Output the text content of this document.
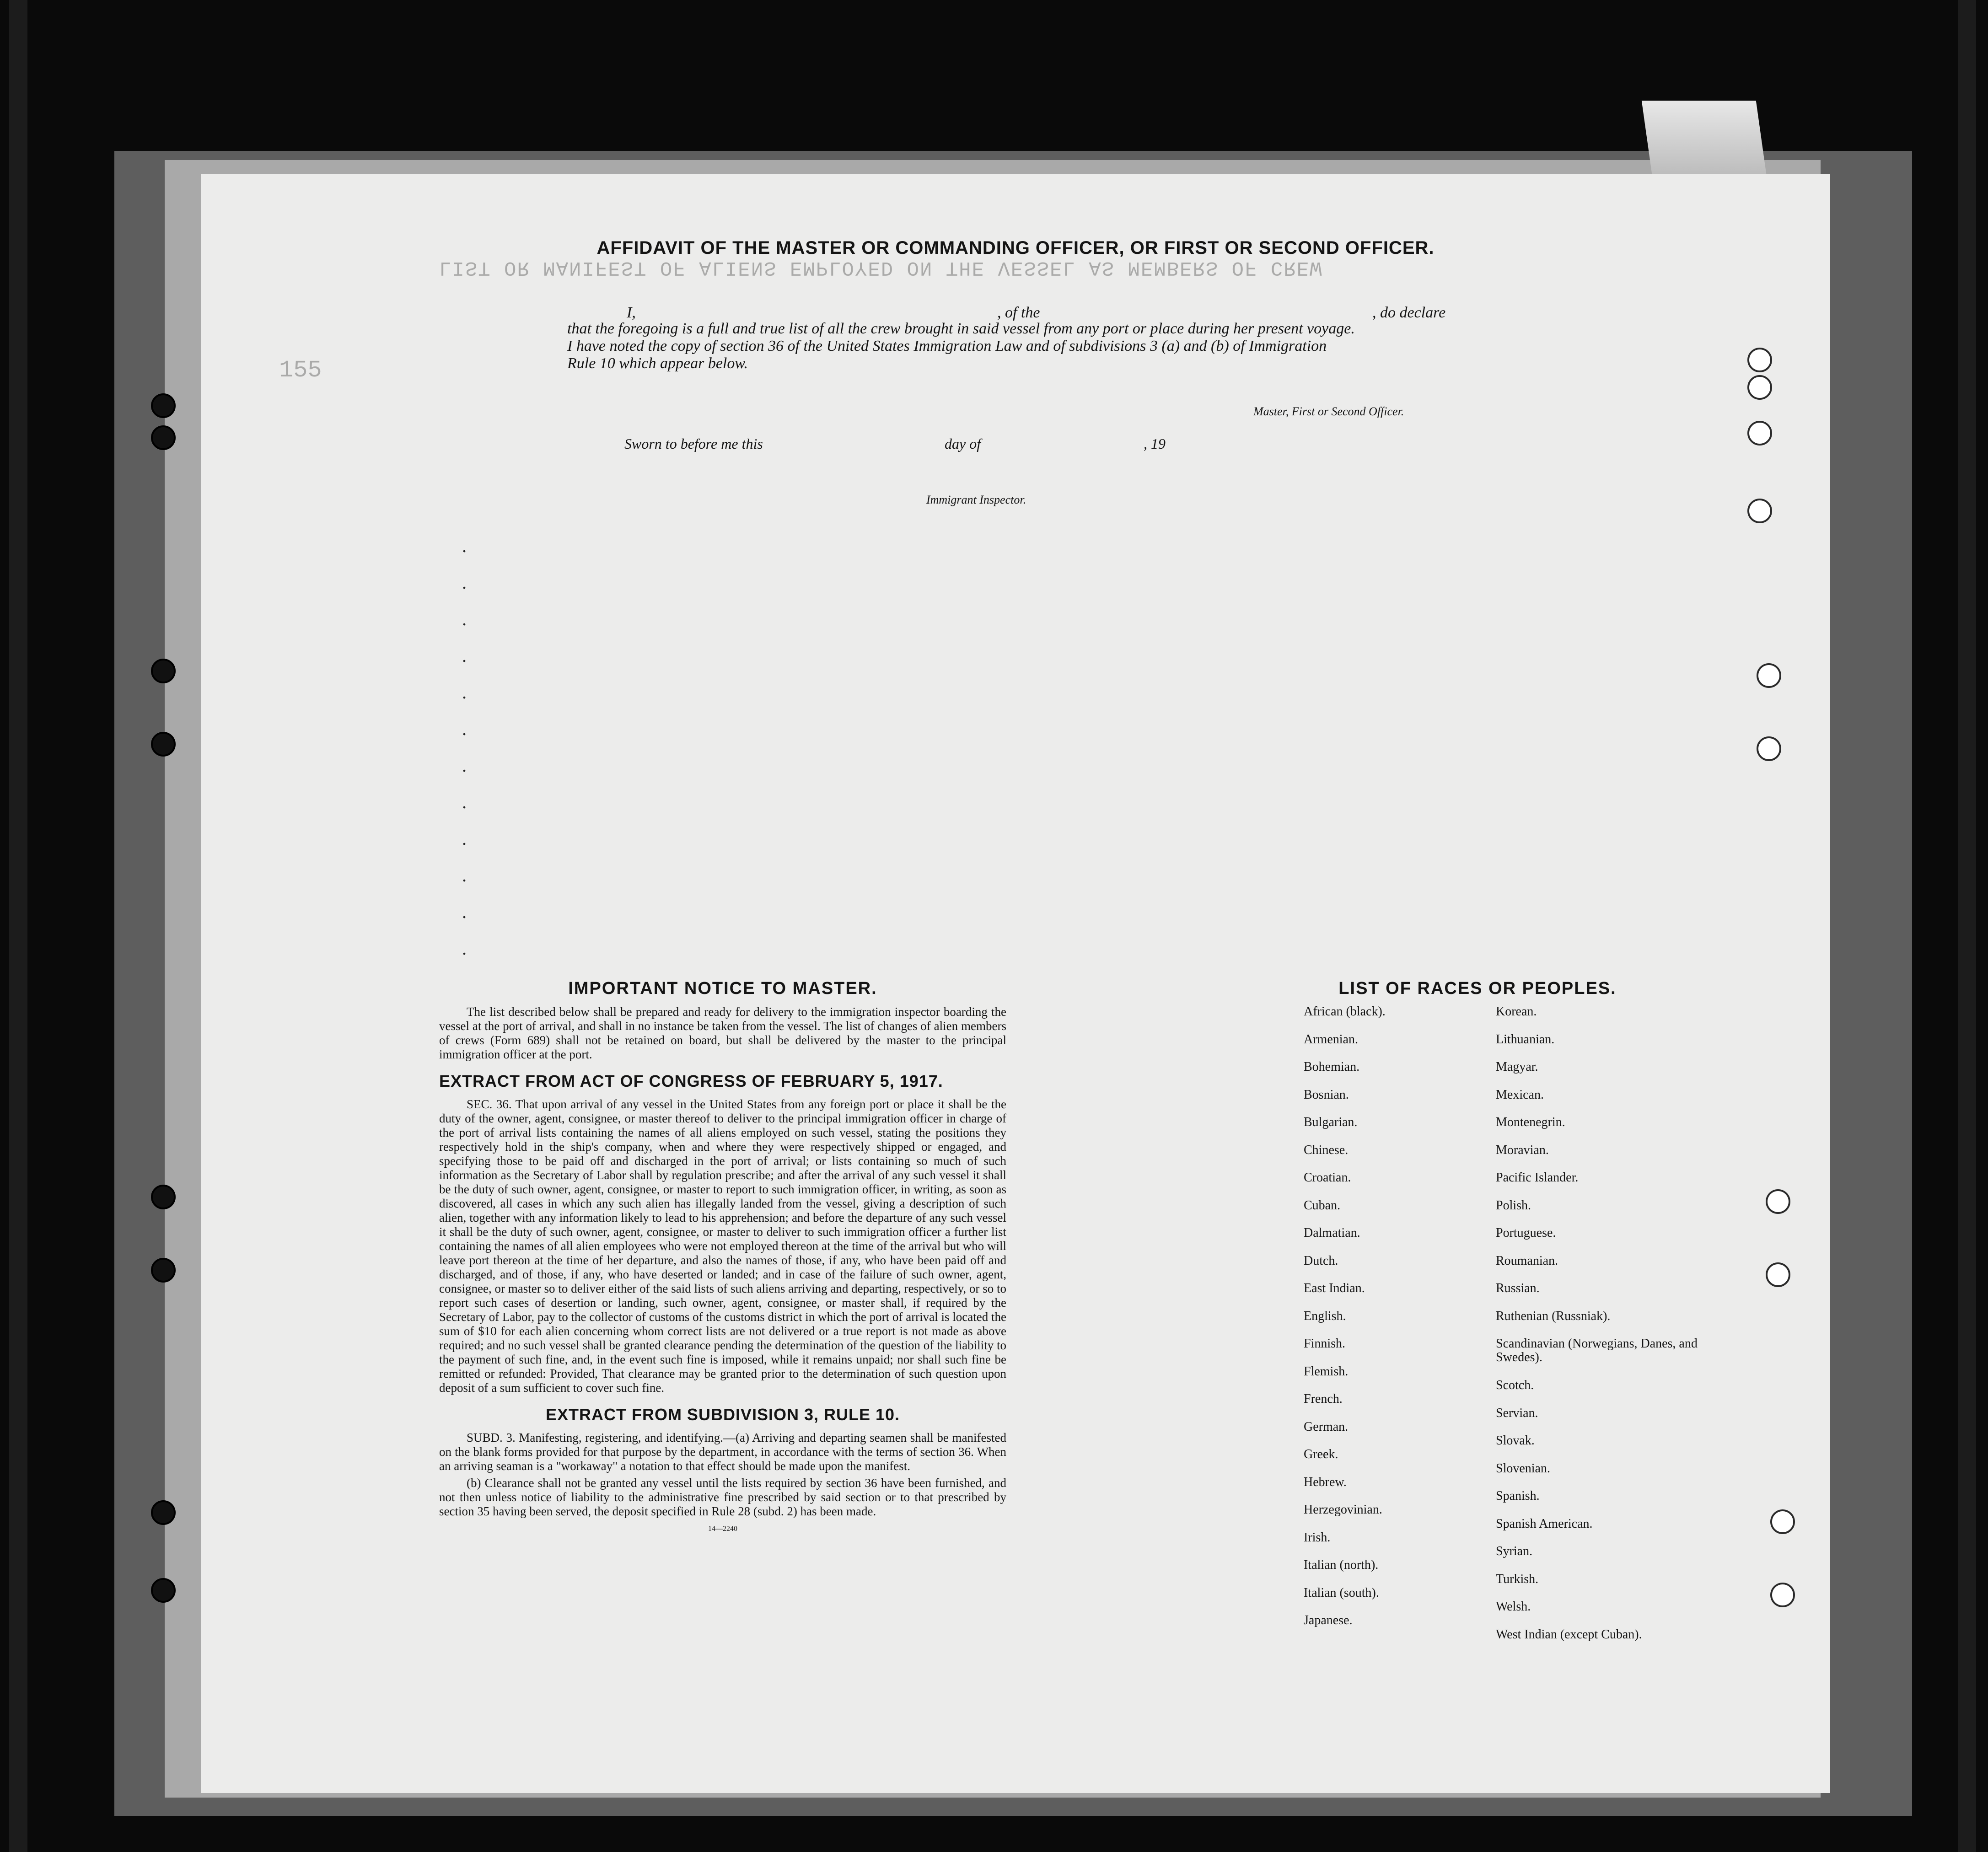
LIST OR MANIFEST OF ALIENS EMPLOYED ON THE VESSEL AS MEMBERS OF CREW
155
AFFIDAVIT OF THE MASTER OR COMMANDING OFFICER, OR FIRST OR SECOND OFFICER.
I,	, of the	, do declare
that the foregoing is a full and true list of all the crew brought in said vessel from any port or place during her present voyage.
I have noted the copy of section 36 of the United States Immigration Law and of subdivisions 3 (a) and (b) of Immigration
Rule 10 which appear below.
Master, First or Second Officer.
Sworn to before me this	day of	, 19
Immigrant Inspector.
.
.
.
.
.
.
.
.
.
.
.
.
IMPORTANT NOTICE TO MASTER.

The list described below shall be prepared and ready for delivery to the immigration inspector boarding the vessel at the port of arrival, and shall in no instance be taken from the vessel. The list of changes of alien members of crews (Form 689) shall not be retained on board, but shall be delivered by the master to the principal immigration officer at the port.

EXTRACT FROM ACT OF CONGRESS OF FEBRUARY 5, 1917.

SEC. 36. That upon arrival of any vessel in the United States from any foreign port or place it shall be the duty of the owner, agent, consignee, or master thereof to deliver to the principal immigration officer in charge of the port of arrival lists containing the names of all aliens employed on such vessel, stating the positions they respectively hold in the ship's company, when and where they were respectively shipped or engaged, and specifying those to be paid off and discharged in the port of arrival; or lists containing so much of such information as the Secretary of Labor shall by regulation prescribe; and after the arrival of any such vessel it shall be the duty of such owner, agent, consignee, or master to report to such immigration officer, in writing, as soon as discovered, all cases in which any such alien has illegally landed from the vessel, giving a description of such alien, together with any information likely to lead to his apprehension; and before the departure of any such vessel it shall be the duty of such owner, agent, consignee, or master to deliver to such immigration officer a further list containing the names of all alien employees who were not employed thereon at the time of the arrival but who will leave port thereon at the time of her departure, and also the names of those, if any, who have been paid off and discharged, and of those, if any, who have deserted or landed; and in case of the failure of such owner, agent, consignee, or master so to deliver either of the said lists of such aliens arriving and departing, respectively, or so to report such cases of desertion or landing, such owner, agent, consignee, or master shall, if required by the Secretary of Labor, pay to the collector of customs of the customs district in which the port of arrival is located the sum of $10 for each alien concerning whom correct lists are not delivered or a true report is not made as above required; and no such vessel shall be granted clearance pending the determination of the question of the liability to the payment of such fine, and, in the event such fine is imposed, while it remains unpaid; nor shall such fine be remitted or refunded: Provided, That clearance may be granted prior to the determination of such question upon deposit of a sum sufficient to cover such fine.

EXTRACT FROM SUBDIVISION 3, RULE 10.

SUBD. 3. Manifesting, registering, and identifying.—(a) Arriving and departing seamen shall be manifested on the blank forms provided for that purpose by the department, in accordance with the terms of section 36. When an arriving seaman is a "workaway" a notation to that effect should be made upon the manifest.

(b) Clearance shall not be granted any vessel until the lists required by section 36 have been furnished, and not then unless notice of liability to the administrative fine prescribed by said section or to that prescribed by section 35 having been served, the deposit specified in Rule 28 (subd. 2) has been made.

14—2240
LIST OF RACES OR PEOPLES.
African (black).
Armenian.
Bohemian.
Bosnian.
Bulgarian.
Chinese.
Croatian.
Cuban.
Dalmatian.
Dutch.
East Indian.
English.
Finnish.
Flemish.
French.
German.
Greek.
Hebrew.
Herzegovinian.
Irish.
Italian (north).
Italian (south).
Japanese.
Korean.
Lithuanian.
Magyar.
Mexican.
Montenegrin.
Moravian.
Pacific Islander.
Polish.
Portuguese.
Roumanian.
Russian.
Ruthenian (Russniak).
Scandinavian (Norwegians, Danes, and Swedes).
Scotch.
Servian.
Slovak.
Slovenian.
Spanish.
Spanish American.
Syrian.
Turkish.
Welsh.
West Indian (except Cuban).
